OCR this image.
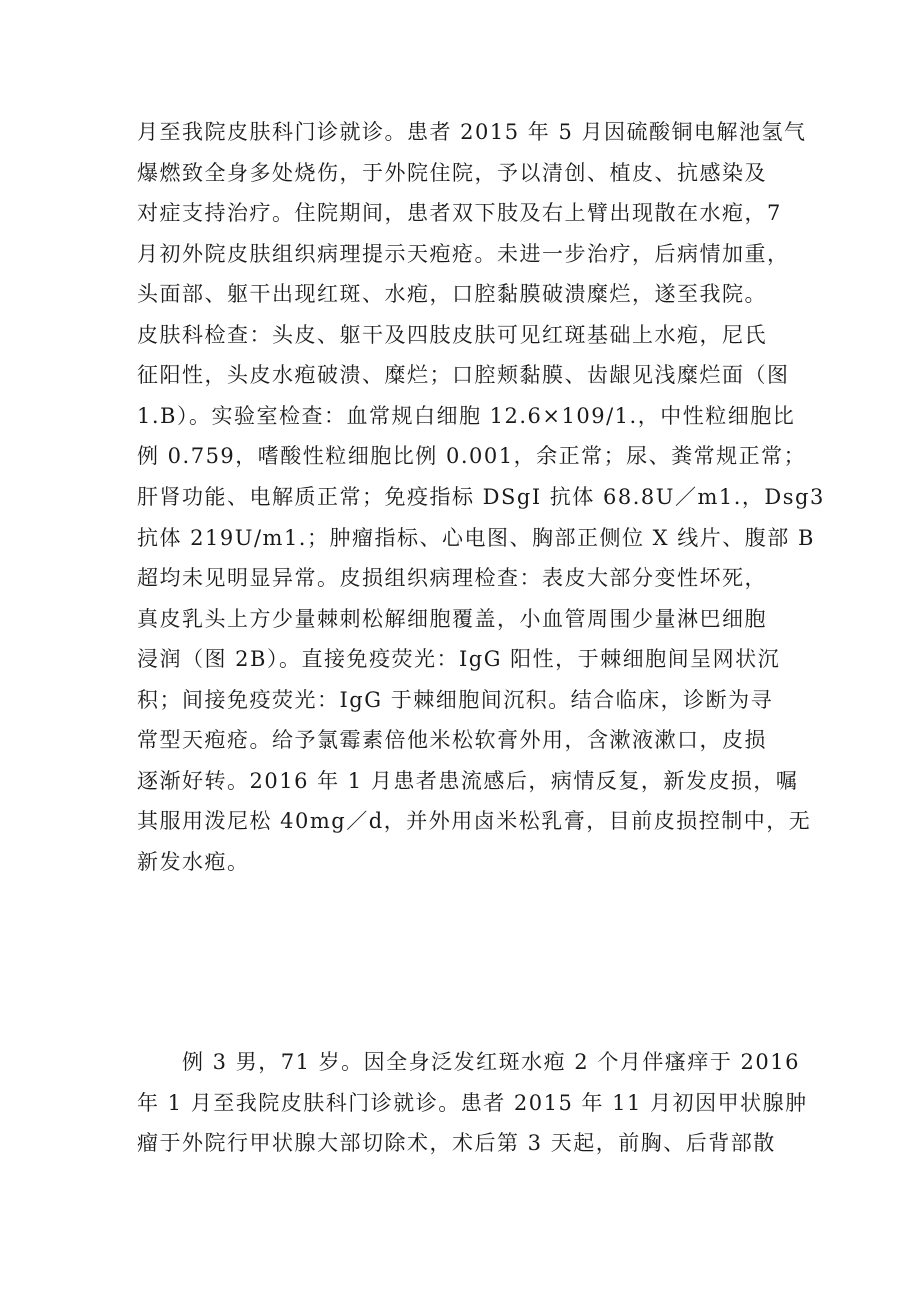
月至我院皮肤科门诊就诊。患者 2015 年 5 月因硫酸铜电解池氢气
爆燃致全身多处烧伤，于外院住院，予以清创、植皮、抗感染及
对症支持治疗。住院期间，患者双下肢及右上臂出现散在水疱，7
月初外院皮肤组织病理提示天疱疮。未进一步治疗，后病情加重，
头面部、躯干出现红斑、水疱，口腔黏膜破溃糜烂，遂至我院。
皮肤科检查：头皮、躯干及四肢皮肤可见红斑基础上水疱，尼氏
征阳性，头皮水疱破溃、糜烂；口腔颊黏膜、齿龈见浅糜烂面（图
1.B）。实验室检查：血常规白细胞 12.6×109/1.，中性粒细胞比
例 0.759，嗜酸性粒细胞比例 0.001，余正常；尿、粪常规正常；
肝肾功能、电解质正常；免疫指标 DSgI 抗体 68.8U／m1.，Dsg3
抗体 219U/m1.；肿瘤指标、心电图、胸部正侧位 X 线片、腹部 B
超均未见明显异常。皮损组织病理检查：表皮大部分变性坏死，
真皮乳头上方少量棘刺松解细胞覆盖，小血管周围少量淋巴细胞
浸润（图 2B）。直接免疫荧光：IgG 阳性，于棘细胞间呈网状沉
积；间接免疫荧光：IgG 于棘细胞间沉积。结合临床，诊断为寻
常型天疱疮。给予氯霉素倍他米松软膏外用，含漱液漱口，皮损
逐渐好转。2016 年 1 月患者患流感后，病情反复，新发皮损，嘱
其服用泼尼松 40mg／d，并外用卤米松乳膏，目前皮损控制中，无
新发水疱。
例 3 男，71 岁。因全身泛发红斑水疱 2 个月伴瘙痒于 2016
年 1 月至我院皮肤科门诊就诊。患者 2015 年 11 月初因甲状腺肿
瘤于外院行甲状腺大部切除术，术后第 3 天起，前胸、后背部散
